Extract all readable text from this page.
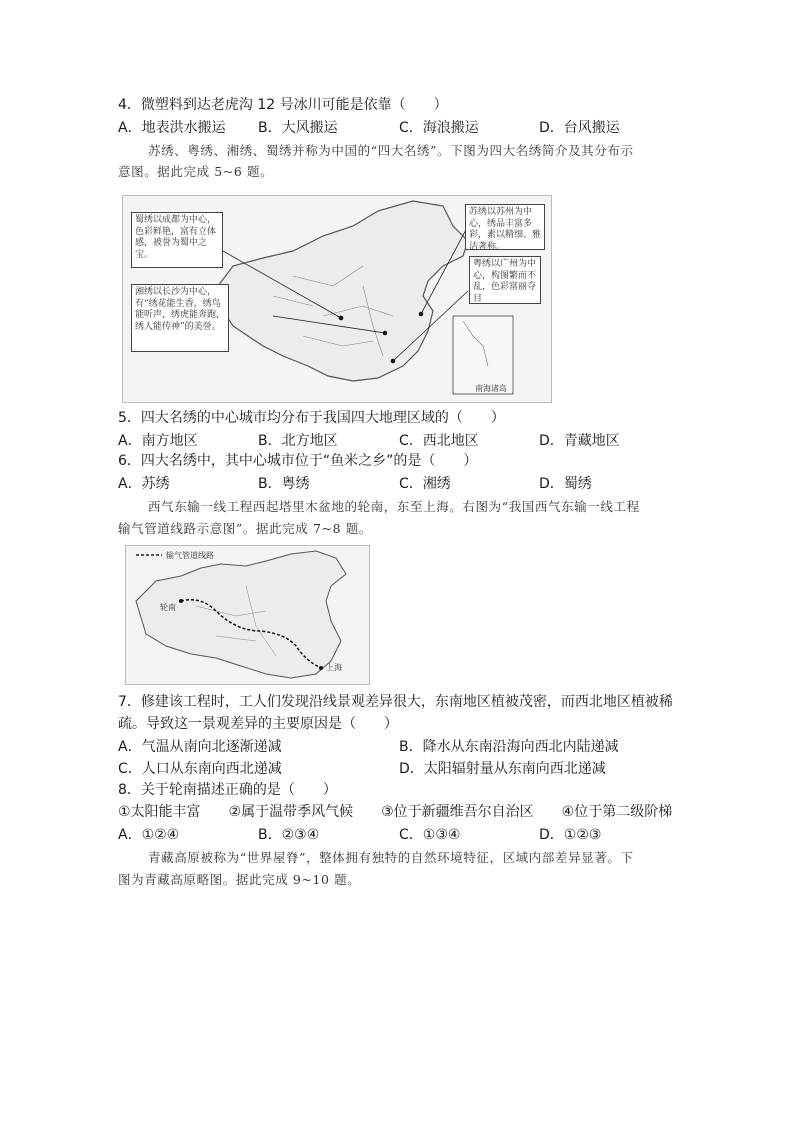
4．微塑料到达老虎沟 12 号冰川可能是依靠（　　）
A．地表洪水搬运 B．大风搬运	C．海浪搬运	D．台风搬运
苏绣、粤绣、湘绣、蜀绣并称为中国的“四大名绣”。下图为四大名绣简介及其分布示
意图。据此完成 5~6 题。
蜀绣以成都为中心，色彩鲜艳，富有立体感，被誉为蜀中之宝。
湘绣以长沙为中心，有“绣花能生香，绣鸟能听声，绣虎能奔跑，绣人能传神”的美誉。
苏绣以苏州为中心，绣品丰富多彩，素以精细、雅洁著称。
粤绣以广州为中心，构图繁而不乱，色彩富丽夺目
南海诸岛
5．四大名绣的中心城市均分布于我国四大地理区域的（　　）
A．南方地区	B．北方地区	C．西北地区	D．青藏地区
6．四大名绣中，其中心城市位于“鱼米之乡”的是（　　）
A．苏绣	B．粤绣	C．湘绣	D．蜀绣
西气东输一线工程西起塔里木盆地的轮南，东至上海。右图为“我国西气东输一线工程
输气管道线路示意图”。据此完成 7~8 题。
输气管道线路
轮南
上海
7．修建该工程时，工人们发现沿线景观差异很大，东南地区植被茂密，而西北地区植被稀
疏。导致这一景观差异的主要原因是（　　）
A．气温从南向北逐渐递减	B．降水从东南沿海向西北内陆递减
C．人口从东南向西北递减	D．太阳辐射量从东南向西北递减
8．关于轮南描述正确的是（　　）
①太阳能丰富　　②属于温带季风气候　　③位于新疆维吾尔自治区　　④位于第二级阶梯
A．①②④	B．②③④	C．①③④	D．①②③
青藏高原被称为“世界屋脊”，整体拥有独特的自然环境特征，区域内部差异显著。下
图为青藏高原略图。据此完成 9~10 题。
